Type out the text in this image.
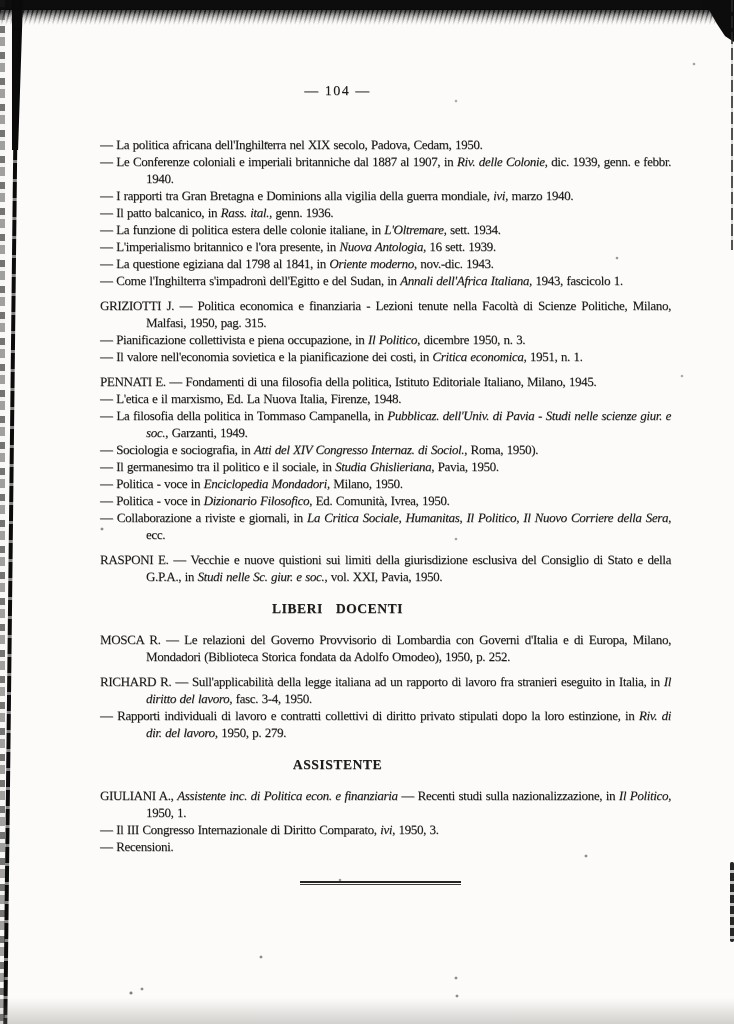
— 104 —

— La politica africana dell'Inghilterra nel XIX secolo, Padova, Cedam, 1950.

— Le Conferenze coloniali e imperiali britanniche dal 1887 al 1907, in Riv. delle Colonie, dic. 1939, genn. e febbr. 1940.

— I rapporti tra Gran Bretagna e Dominions alla vigilia della guerra mondiale, ivi, marzo 1940.

— Il patto balcanico, in Rass. ital., genn. 1936.

— La funzione di politica estera delle colonie italiane, in L'Oltremare, sett. 1934.

— L'imperialismo britannico e l'ora presente, in Nuova Antologia, 16 sett. 1939.

— La questione egiziana dal 1798 al 1841, in Oriente moderno, nov.-dic. 1943.

— Come l'Inghilterra s'impadronì dell'Egitto e del Sudan, in Annali dell'Africa Italiana, 1943, fascicolo 1.

GRIZIOTTI J. — Politica economica e finanziaria - Lezioni tenute nella Facoltà di Scienze Politiche, Milano, Malfasi, 1950, pag. 315.

— Pianificazione collettivista e piena occupazione, in Il Politico, dicembre 1950, n. 3.

— Il valore nell'economia sovietica e la pianificazione dei costi, in Critica economica, 1951, n. 1.

PENNATI E. — Fondamenti di una filosofia della politica, Istituto Editoriale Italiano, Milano, 1945.

— L'etica e il marxismo, Ed. La Nuova Italia, Firenze, 1948.

— La filosofia della politica in Tommaso Campanella, in Pubblicaz. dell'Univ. di Pavia - Studi nelle scienze giur. e soc., Garzanti, 1949.

— Sociologia e sociografia, in Atti del XIV Congresso Internaz. di Sociol., Roma, 1950).

— Il germanesimo tra il politico e il sociale, in Studia Ghislieriana, Pavia, 1950.

— Politica - voce in Enciclopedia Mondadori, Milano, 1950.

— Politica - voce in Dizionario Filosofico, Ed. Comunità, Ivrea, 1950.

— Collaborazione a riviste e giornali, in La Critica Sociale, Humanitas, Il Politico, Il Nuovo Corriere della Sera, ecc.

RASPONI E. — Vecchie e nuove quistioni sui limiti della giurisdizione esclusiva del Consiglio di Stato e della G.P.A., in Studi nelle Sc. giur. e soc., vol. XXI, Pavia, 1950.

LIBERI DOCENTI

MOSCA R. — Le relazioni del Governo Provvisorio di Lombardia con Governi d'Italia e di Europa, Milano, Mondadori (Biblioteca Storica fondata da Adolfo Omodeo), 1950, p. 252.

RICHARD R. — Sull'applicabilità della legge italiana ad un rapporto di lavoro fra stranieri eseguito in Italia, in Il diritto del lavoro, fasc. 3-4, 1950.

— Rapporti individuali di lavoro e contratti collettivi di diritto privato stipulati dopo la loro estinzione, in Riv. di dir. del lavoro, 1950, p. 279.

ASSISTENTE

GIULIANI A., Assistente inc. di Politica econ. e finanziaria — Recenti studi sulla nazionalizzazione, in Il Politico, 1950, 1.

— Il III Congresso Internazionale di Diritto Comparato, ivi, 1950, 3.

— Recensioni.
